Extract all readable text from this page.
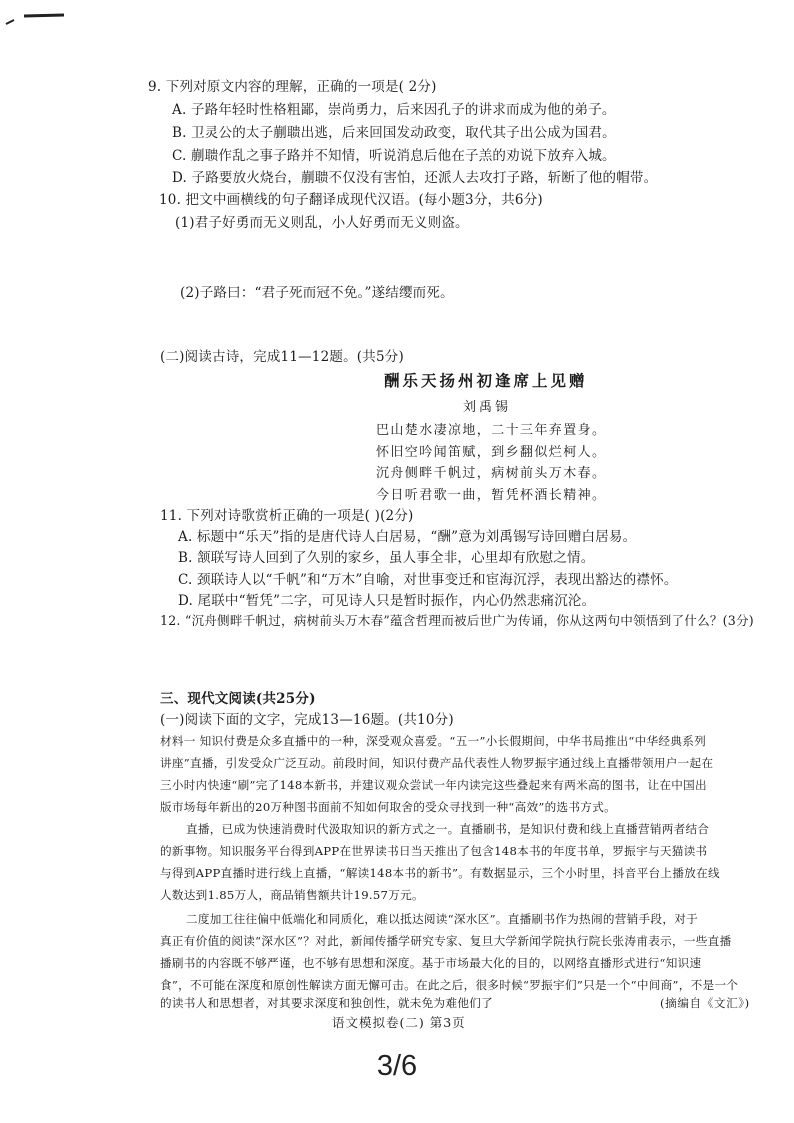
9. 下列对原文内容的理解，正确的一项是( 2分)
A. 子路年轻时性格粗鄙，崇尚勇力，后来因孔子的讲求而成为他的弟子。
B. 卫灵公的太子蒯聩出逃，后来回国发动政变，取代其子出公成为国君。
C. 蒯聩作乱之事子路并不知情，听说消息后他在子羔的劝说下放弃入城。
D. 子路要放火烧台，蒯聩不仅没有害怕，还派人去攻打子路，斩断了他的帽带。
10. 把文中画横线的句子翻译成现代汉语。(每小题3分，共6分)
(1)君子好勇而无义则乱，小人好勇而无义则盗。
(2)子路曰：“君子死而冠不免。”遂结缨而死。
(二)阅读古诗，完成11—12题。(共5分)
酬乐天扬州初逢席上见赠
刘禹锡
巴山楚水凄凉地，二十三年弃置身。
怀旧空吟闻笛赋，到乡翻似烂柯人。
沉舟侧畔千帆过，病树前头万木春。
今日听君歌一曲，暂凭杯酒长精神。
11. 下列对诗歌赏析正确的一项是( )(2分)
A. 标题中“乐天”指的是唐代诗人白居易，“酬”意为刘禹锡写诗回赠白居易。
B. 颔联写诗人回到了久别的家乡，虽人事全非，心里却有欣慰之情。
C. 颈联诗人以“千帆”和“万木”自喻，对世事变迁和宦海沉浮，表现出豁达的襟怀。
D. 尾联中“暂凭”二字，可见诗人只是暂时振作，内心仍然悲痛沉沦。
12. “沉舟侧畔千帆过，病树前头万木春”蕴含哲理而被后世广为传诵，你从这两句中领悟到了什么？(3分)
三、现代文阅读(共25分)
(一)阅读下面的文字，完成13—16题。(共10分)
材料一 知识付费是众多直播中的一种，深受观众喜爱。“五一”小长假期间，中华书局推出“中华经典系列
讲座”直播，引发受众广泛互动。前段时间，知识付费产品代表性人物罗振宇通过线上直播带领用户一起在
三小时内快速“刷”完了148本新书，并建议观众尝试一年内读完这些叠起来有两米高的图书，让在中国出
版市场每年新出的20万种图书面前不知如何取舍的受众寻找到一种“高效”的选书方式。
直播，已成为快速消费时代汲取知识的新方式之一。直播刷书，是知识付费和线上直播营销两者结合
的新事物。知识服务平台得到APP在世界读书日当天推出了包含148本书的年度书单，罗振宇与天猫读书
与得到APP直播时进行线上直播，“解读148本书的新书”。有数据显示，三个小时里，抖音平台上播放在线
人数达到1.85万人，商品销售额共计19.57万元。
二度加工往往偏中低端化和同质化，难以抵达阅读“深水区”。直播刷书作为热闹的营销手段，对于
真正有价值的阅读“深水区”？对此，新闻传播学研究专家、复旦大学新闻学院执行院长张涛甫表示，一些直播
播刷书的内容既不够严谨，也不够有思想和深度。基于市场最大化的目的，以网络直播形式进行“知识速
食”，不可能在深度和原创性解读方面无懈可击。在此之后，很多时候“罗振宇们”只是一个“中间商”，不是一个
的读书人和思想者，对其要求深度和独创性，就未免为难他们了	(摘编自《文汇》)
语文模拟卷(二) 第3页
3/6
